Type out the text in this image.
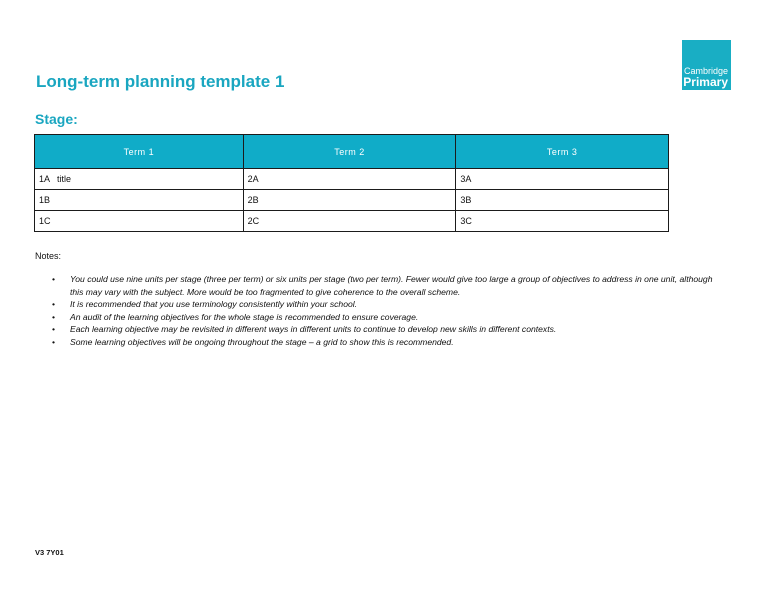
Cambridge
Primary
Long-term planning template 1
Stage:
Term 1	Term 2	Term 3
1A   title	2A	3A
1B	2B	3B
1C	2C	3C
Notes:
• You could use nine units per stage (three per term) or six units per stage (two per term). Fewer would give too large a group of objectives to address in one unit, although this may vary with the subject. More would be too fragmented to give coherence to the overall scheme.
• It is recommended that you use terminology consistently within your school.
• An audit of the learning objectives for the whole stage is recommended to ensure coverage.
• Each learning objective may be revisited in different ways in different units to continue to develop new skills in different contexts.
• Some learning objectives will be ongoing throughout the stage – a grid to show this is recommended.
V3 7Y01
